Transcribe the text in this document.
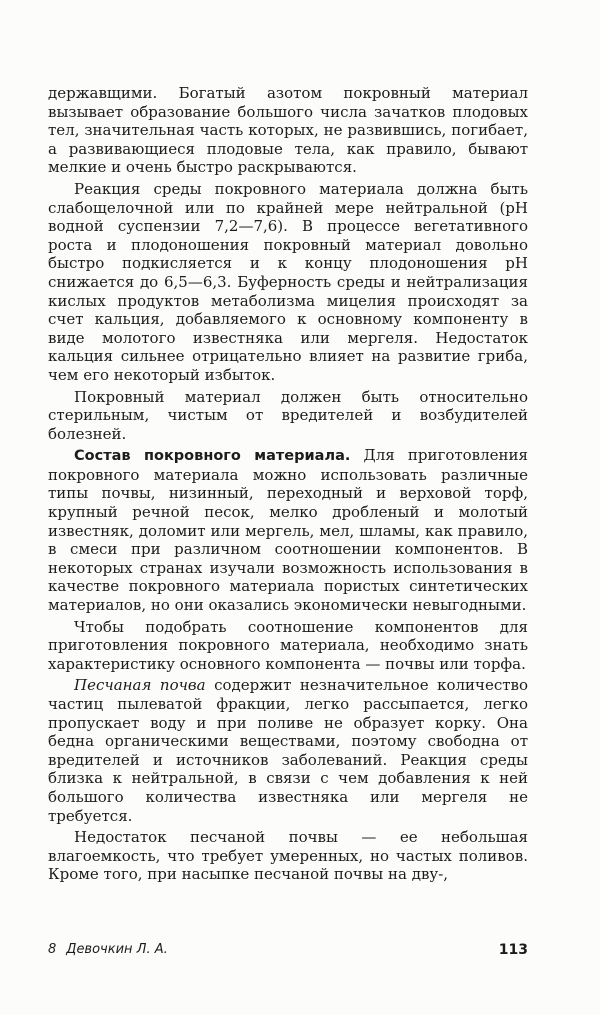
державщими. Богатый азотом покровный материал вызывает образование большого числа зачатков плодовых тел, значительная часть которых, не развившись, погибает, а развивающиеся плодовые тела, как правило, бывают мелкие и очень быстро раскрываются.

Реакция среды покровного материала должна быть слабощелочной или по крайней мере нейтральной (pH водной суспензии 7,2—7,6). В процессе вегетативного роста и плодоношения покровный материал довольно быстро подкисляется и к концу плодоношения pH снижается до 6,5—6,3. Буферность среды и нейтрализация кислых продуктов метаболизма мицелия происходят за счет кальция, добавляемого к основному компоненту в виде молотого известняка или мергеля. Недостаток кальция сильнее отрицательно влияет на развитие гриба, чем его некоторый избыток.

Покровный материал должен быть относительно стерильным, чистым от вредителей и возбудителей болезней.

Состав покровного материала. Для приготовления покровного материала можно использовать различные типы почвы, низинный, переходный и верховой торф, крупный речной песок, мелко дробленый и молотый известняк, доломит или мергель, мел, шламы, как правило, в смеси при различном соотношении компонентов. В некоторых странах изучали возможность использования в качестве покровного материала пористых синтетических материалов, но они оказались экономически невыгодными.

Чтобы подобрать соотношение компонентов для приготовления покровного материала, необходимо знать характеристику основного компонента — почвы или торфа.

Песчаная почва содержит незначительное количество частиц пылеватой фракции, легко рассыпается, легко пропускает воду и при поливе не образует корку. Она бедна органическими веществами, поэтому свободна от вредителей и источников заболеваний. Реакция среды близка к нейтральной, в связи с чем добавления к ней большого количества известняка или мергеля не требуется.

Недостаток песчаной почвы — ее небольшая влагоемкость, что требует умеренных, но частых поливов. Кроме того, при насыпке песчаной почвы на дву-,

8 Девочкин Л. А.	113
